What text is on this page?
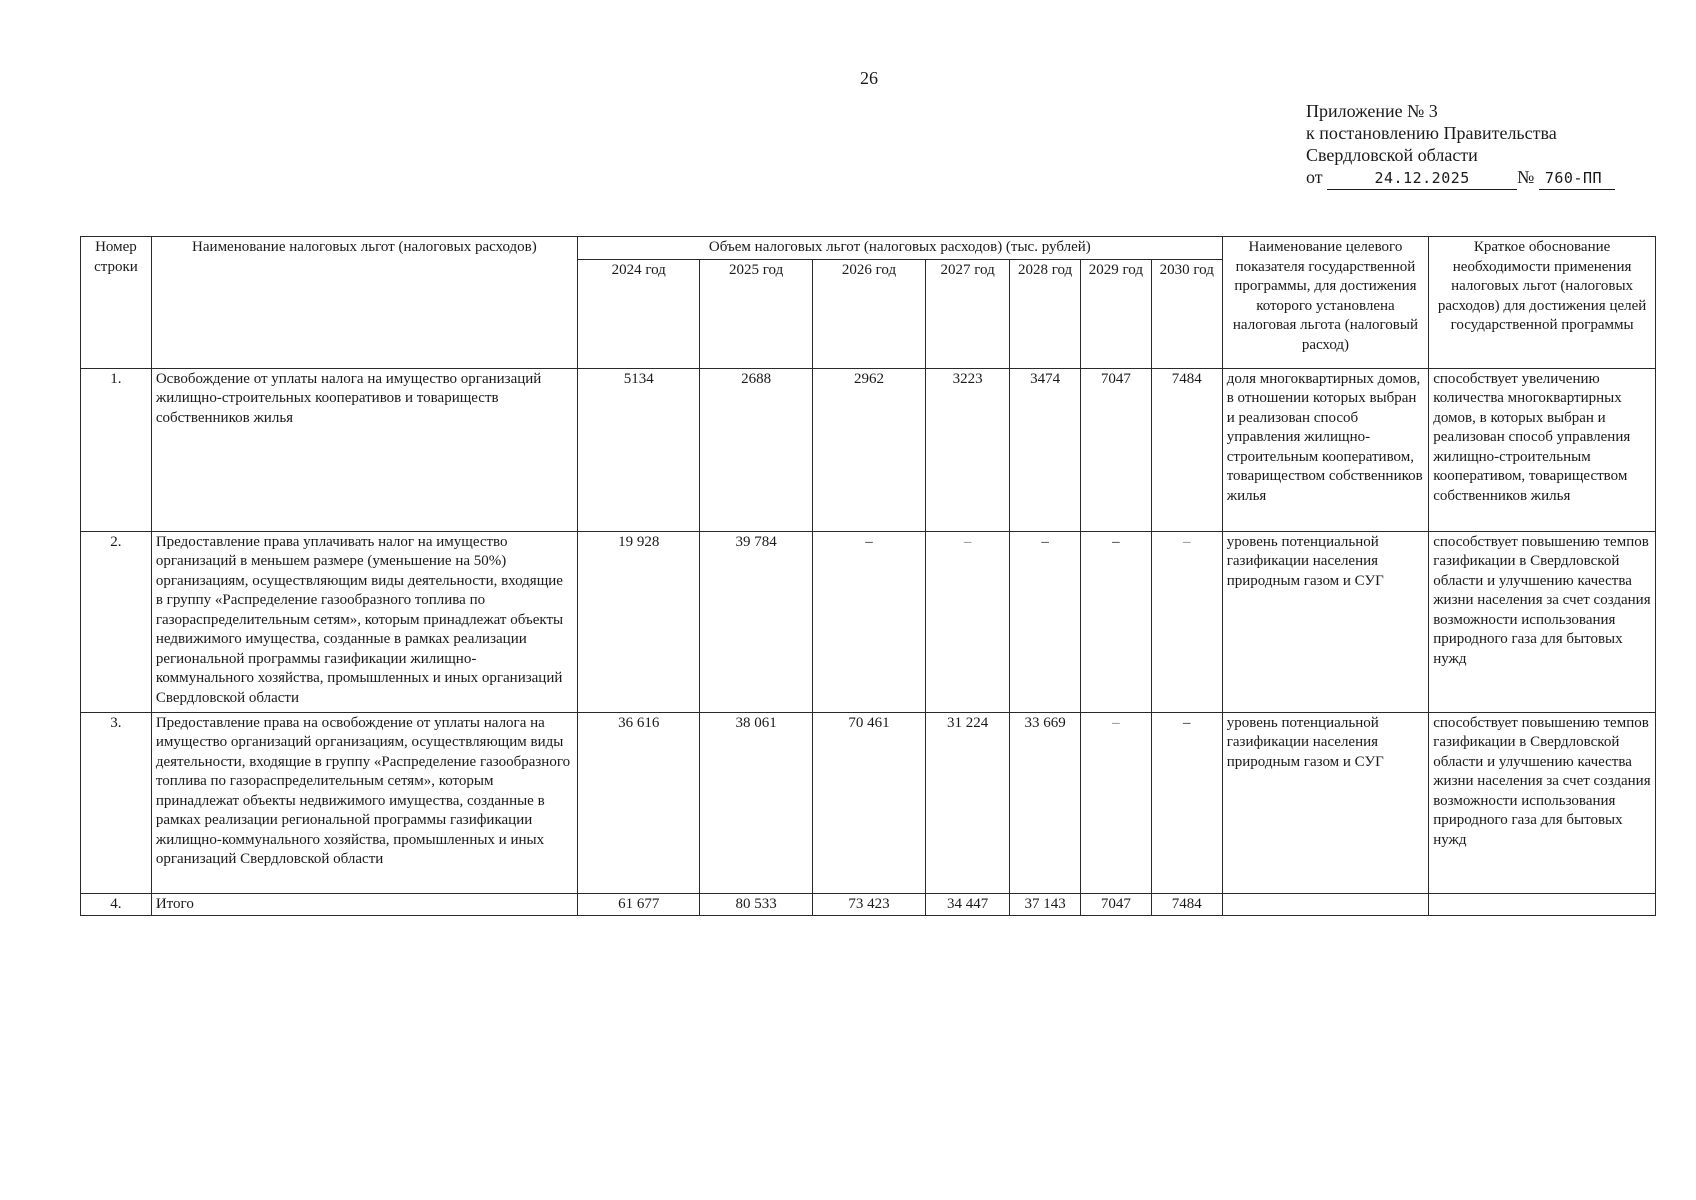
26
Приложение № 3
к постановлению Правительства
Свердловской области
от	24.12.2025	№ 760-ПП
Номер строки	Наименование налоговых льгот (налоговых расходов)	Объем налоговых льгот (налоговых расходов) (тыс. рублей)							Наименование целевого показателя государственной программы, для достижения которого установлена налоговая льгота (налоговый расход)	Краткое обоснование необходимости применения налоговых льгот (налоговых расходов) для достижения целей государственной программы
		2024 год	2025 год	2026 год	2027 год	2028 год	2029 год	2030 год		
1.	Освобождение от уплаты налога на имущество организаций жилищно-строительных кооперативов и товариществ собственников жилья	5134	2688	2962	3223	3474	7047	7484	доля многоквартирных домов, в отношении которых выбран и реализован способ управления жилищно-строительным кооперативом, товариществом собственников жилья	способствует увеличению количества многоквартирных домов, в которых выбран и реализован способ управления жилищно-строительным кооперативом, товариществом собственников жилья
2.	Предоставление права уплачивать налог на имущество организаций в меньшем размере (уменьшение на 50%) организациям, осуществляющим виды деятельности, входящие в группу «Распределение газообразного топлива по газораспределительным сетям», которым принадлежат объекты недвижимого имущества, созданные в рамках реализации региональной программы газификации жилищно-коммунального хозяйства, промышленных и иных организаций Свердловской области	19 928	39 784	–	–	–	–	–	уровень потенциальной газификации населения природным газом и СУГ	способствует повышению темпов газификации в Свердловской области и улучшению качества жизни населения за счет создания возможности использования природного газа для бытовых нужд
3.	Предоставление права на освобождение от уплаты налога на имущество организаций организациям, осуществляющим виды деятельности, входящие в группу «Распределение газообразного топлива по газораспределительным сетям», которым принадлежат объекты недвижимого имущества, созданные в рамках реализации региональной программы газификации жилищно-коммунального хозяйства, промышленных и иных организаций Свердловской области	36 616	38 061	70 461	31 224	33 669	–	–	уровень потенциальной газификации населения природным газом и СУГ	способствует повышению темпов газификации в Свердловской области и улучшению качества жизни населения за счет создания возможности использования природного газа для бытовых нужд
4.	Итого	61 677	80 533	73 423	34 447	37 143	7047	7484		
